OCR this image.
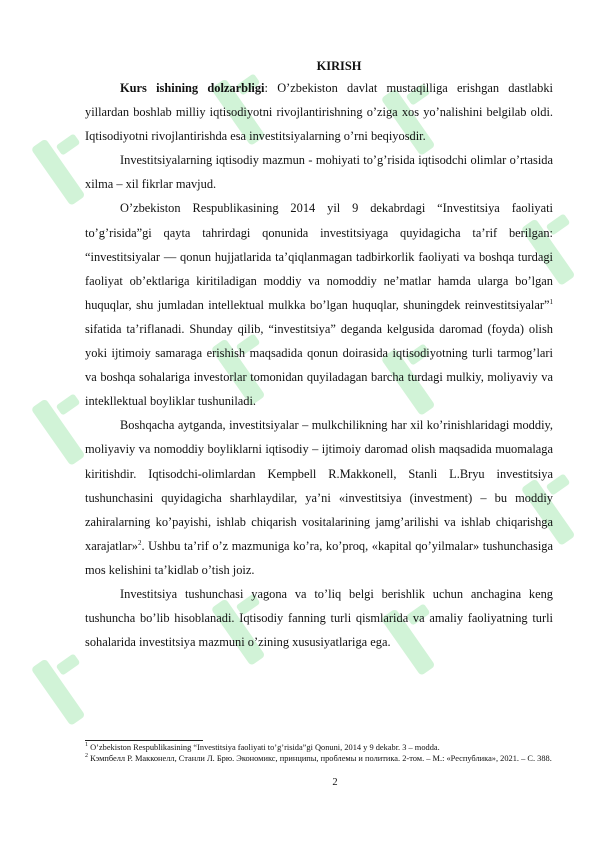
KIRISH

Kurs ishining dolzarbligi: O’zbekiston davlat mustaqilliga erishgan dastlabki yillardan boshlab milliy iqtisodiyotni rivojlantirishning o’ziga xos yo’nalishini belgilab oldi. Iqtisodiyotni rivojlantirishda esa investitsiyalarning o’rni beqiyosdir.

Investitsiyalarning iqtisodiy mazmun - mohiyati to’g’risida iqtisodchi olimlar o’rtasida xilma – xil fikrlar mavjud.

O’zbekiston Respublikasining 2014 yil 9 dekabrdagi “Investitsiya faoliyati to’g’risida”gi qayta tahrirdagi qonunida investitsiyaga quyidagicha ta’rif berilgan: “investitsiyalar — qonun hujjatlarida ta’qiqlanmagan tadbirkorlik faoliyati va boshqa turdagi faoliyat ob’ektlariga kiritiladigan moddiy va nomoddiy ne’matlar hamda ularga bo’lgan huquqlar, shu jumladan intellektual mulkka bo’lgan huquqlar, shuningdek reinvestitsiyalar”$^1$ sifatida ta’riflanadi. Shunday qilib, “investitsiya” deganda kelgusida daromad (foyda) olish yoki ijtimoiy samaraga erishish maqsadida qonun doirasida iqtisodiyotning turli tarmog’lari va boshqa sohalariga investorlar tomonidan quyiladagan barcha turdagi mulkiy, moliyaviy va intekllektual boyliklar tushuniladi.

Boshqacha aytganda, investitsiyalar – mulkchilikning har xil ko’rinishlaridagi moddiy, moliyaviy va nomoddiy boyliklarni iqtisodiy – ijtimoiy daromad olish maqsadida muomalaga kiritishdir. Iqtisodchi-olimlardan Kempbell R.Makkonell, Stanli L.Bryu investitsiya tushunchasini quyidagicha sharhlaydilar, ya’ni «investitsiya (investment) – bu moddiy zahiralarning ko’payishi, ishlab chiqarish vositalarining jamg’arilishi va ishlab chiqarishga xarajatlar»$^2$. Ushbu ta’rif o’z mazmuniga ko’ra, ko’proq, «kapital qo’yilmalar» tushunchasiga mos kelishini ta’kidlab o’tish joiz.

Investitsiya tushunchasi yagona va to’liq belgi berishlik uchun anchagina keng tushuncha bo’lib hisoblanadi. Iqtisodiy fanning turli qismlarida va amaliy faoliyatning turli sohalarida investitsiya mazmuni o’zining xususiyatlariga ega.

$^1$ O’zbekiston Respublikasining “Investitsiya faoliyati to’g’risida”gi Qonuni, 2014 y 9 dekabr. 3 – modda.
$^2$ Кэмпбелл Р. Макконелл, Станли Л. Брю. Экономикс, принципы, проблемы и политика. 2-том. – М.: «Республика», 2021. – С. 388.
2
